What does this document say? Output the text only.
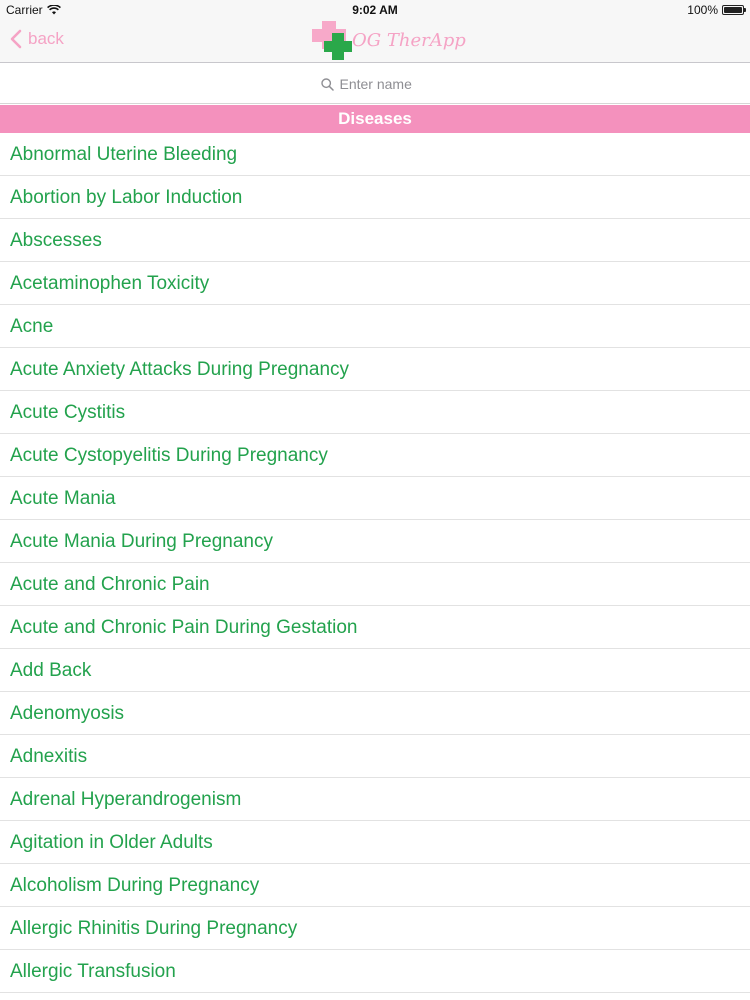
Carrier	9:02 AM	100%
back	OG TherApp
Enter name
Diseases
Abnormal Uterine Bleeding
Abortion by Labor Induction
Abscesses
Acetaminophen Toxicity
Acne
Acute Anxiety Attacks During Pregnancy
Acute Cystitis
Acute Cystopyelitis During Pregnancy
Acute Mania
Acute Mania During Pregnancy
Acute and Chronic Pain
Acute and Chronic Pain During Gestation
Add Back
Adenomyosis
Adnexitis
Adrenal Hyperandrogenism
Agitation in Older Adults
Alcoholism During Pregnancy
Allergic Rhinitis During Pregnancy
Allergic Transfusion
